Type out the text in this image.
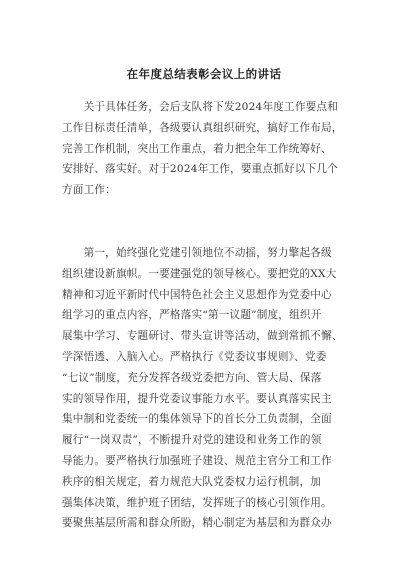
在年度总结表彰会议上的讲话
　　关于具体任务，会后支队将下发2024年度工作要点和
工作目标责任清单，各级要认真组织研究，搞好工作布局，
完善工作机制，突出工作重点，着力把全年工作统筹好、
安排好、落实好。对于2024年工作，要重点抓好以下几个
方面工作：
　　第一，始终强化党建引领地位不动摇，努力擎起各级
组织建设新旗帜。一要建强党的领导核心。要把党的XX大
精神和习近平新时代中国特色社会主义思想作为党委中心
组学习的重点内容，严格落实“第一议题”制度，组织开
展集中学习、专题研讨、带头宣讲等活动，做到常抓不懈、
学深悟透、入脑入心。严格执行《党委议事规则》、党委
“七议”制度，充分发挥各级党委把方向、管大局、保落
实的领导作用，提升党委议事能力水平。要认真落实民主
集中制和党委统一的集体领导下的首长分工负责制，全面
履行“一岗双责”，不断提升对党的建设和业务工作的领
导能力。要严格执行加强班子建设、规范主官分工和工作
秩序的相关规定，着力规范大队党委权力运行机制，加
强集体决策，维护班子团结，发挥班子的核心引领作用。
要聚焦基层所需和群众所盼，精心制定为基层和为群众办
